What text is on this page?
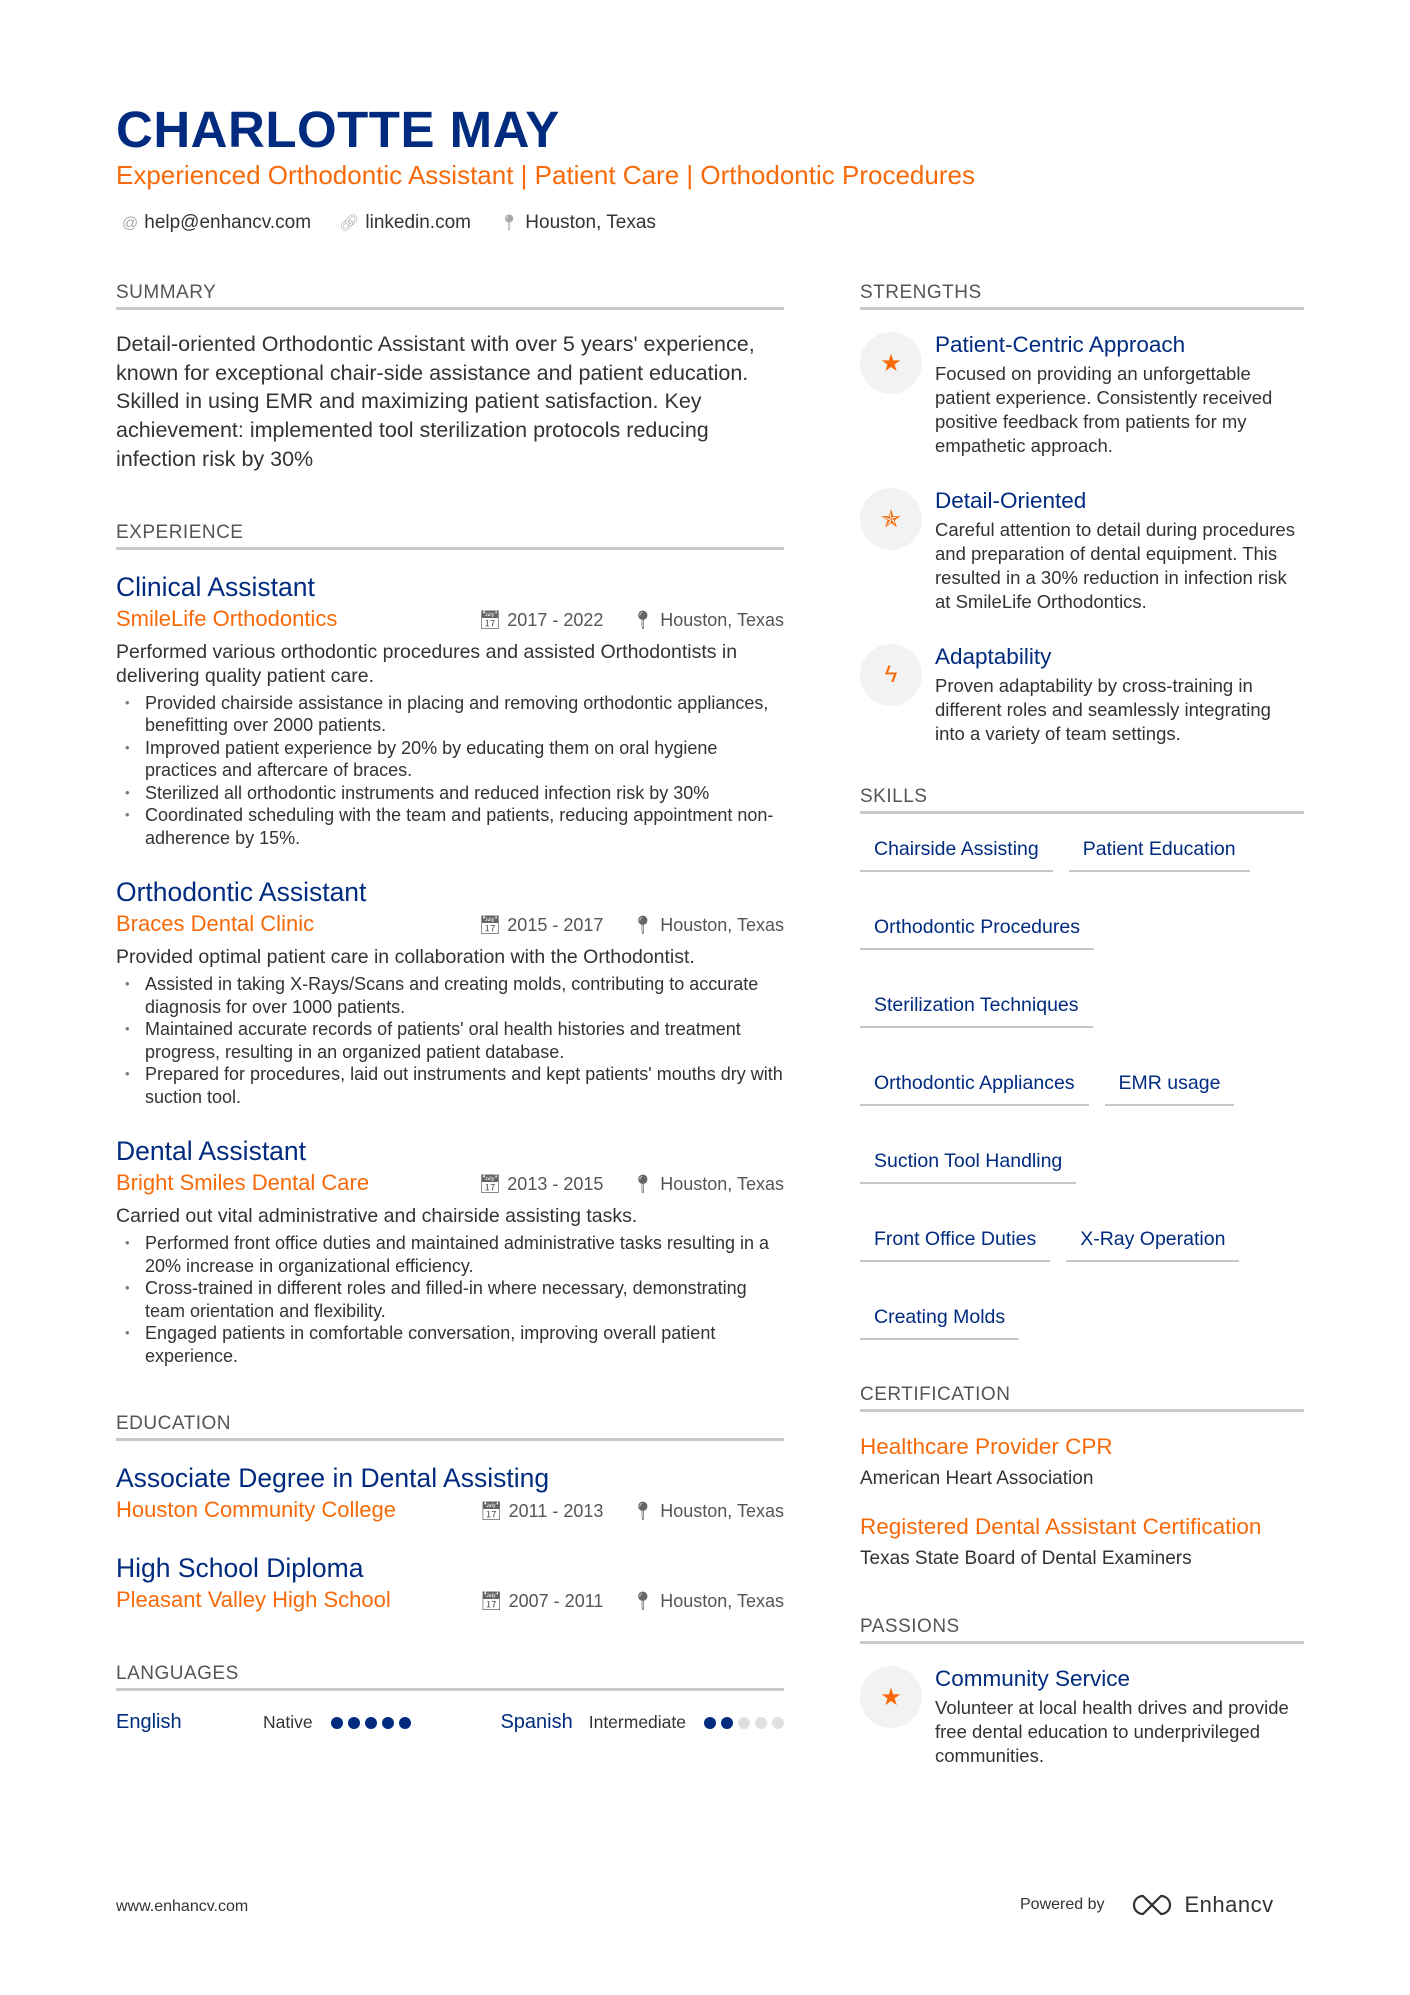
CHARLOTTE MAY
Experienced Orthodontic Assistant | Patient Care | Orthodontic Procedures
@ help@enhancv.com 🔗︎ linkedin.com 📍︎ Houston, Texas
SUMMARY
Detail-oriented Orthodontic Assistant with over 5 years' experience, known for exceptional chair-side assistance and patient education. Skilled in using EMR and maximizing patient satisfaction. Key achievement: implemented tool sterilization protocols reducing infection risk by 30%
EXPERIENCE
Clinical Assistant
SmileLife Orthodontics	📅︎ 2017 - 2022 📍︎ Houston, Texas
Performed various orthodontic procedures and assisted Orthodontists in delivering quality patient care.
• Provided chairside assistance in placing and removing orthodontic appliances, benefitting over 2000 patients.
• Improved patient experience by 20% by educating them on oral hygiene practices and aftercare of braces.
• Sterilized all orthodontic instruments and reduced infection risk by 30%
• Coordinated scheduling with the team and patients, reducing appointment non-adherence by 15%.
Orthodontic Assistant
Braces Dental Clinic	📅︎ 2015 - 2017 📍︎ Houston, Texas
Provided optimal patient care in collaboration with the Orthodontist.
• Assisted in taking X-Rays/Scans and creating molds, contributing to accurate diagnosis for over 1000 patients.
• Maintained accurate records of patients' oral health histories and treatment progress, resulting in an organized patient database.
• Prepared for procedures, laid out instruments and kept patients' mouths dry with suction tool.
Dental Assistant
Bright Smiles Dental Care	📅︎ 2013 - 2015 📍︎ Houston, Texas
Carried out vital administrative and chairside assisting tasks.
• Performed front office duties and maintained administrative tasks resulting in a 20% increase in organizational efficiency.
• Cross-trained in different roles and filled-in where necessary, demonstrating team orientation and flexibility.
• Engaged patients in comfortable conversation, improving overall patient experience.
EDUCATION
Associate Degree in Dental Assisting
Houston Community College	📅︎ 2011 - 2013 📍︎ Houston, Texas
High School Diploma
Pleasant Valley High School	📅︎ 2007 - 2011 📍︎ Houston, Texas
LANGUAGES
English	Native	Spanish Intermediate
STRENGTHS
★
Patient-Centric Approach
Focused on providing an unforgettable patient experience. Consistently received positive feedback from patients for my empathetic approach.
✯
Detail-Oriented
Careful attention to detail during procedures and preparation of dental equipment. This resulted in a 30% reduction in infection risk at SmileLife Orthodontics.
ϟ
Adaptability
Proven adaptability by cross-training in different roles and seamlessly integrating into a variety of team settings.
SKILLS
Chairside Assisting	Patient Education
Orthodontic Procedures
Sterilization Techniques
Orthodontic Appliances	EMR usage
Suction Tool Handling
Front Office Duties	X-Ray Operation
Creating Molds
CERTIFICATION
Healthcare Provider CPR
American Heart Association
Registered Dental Assistant Certification
Texas State Board of Dental Examiners
PASSIONS
★
Community Service
Volunteer at local health drives and provide free dental education to underprivileged communities.
www.enhancv.com	Powered by	Enhancv
